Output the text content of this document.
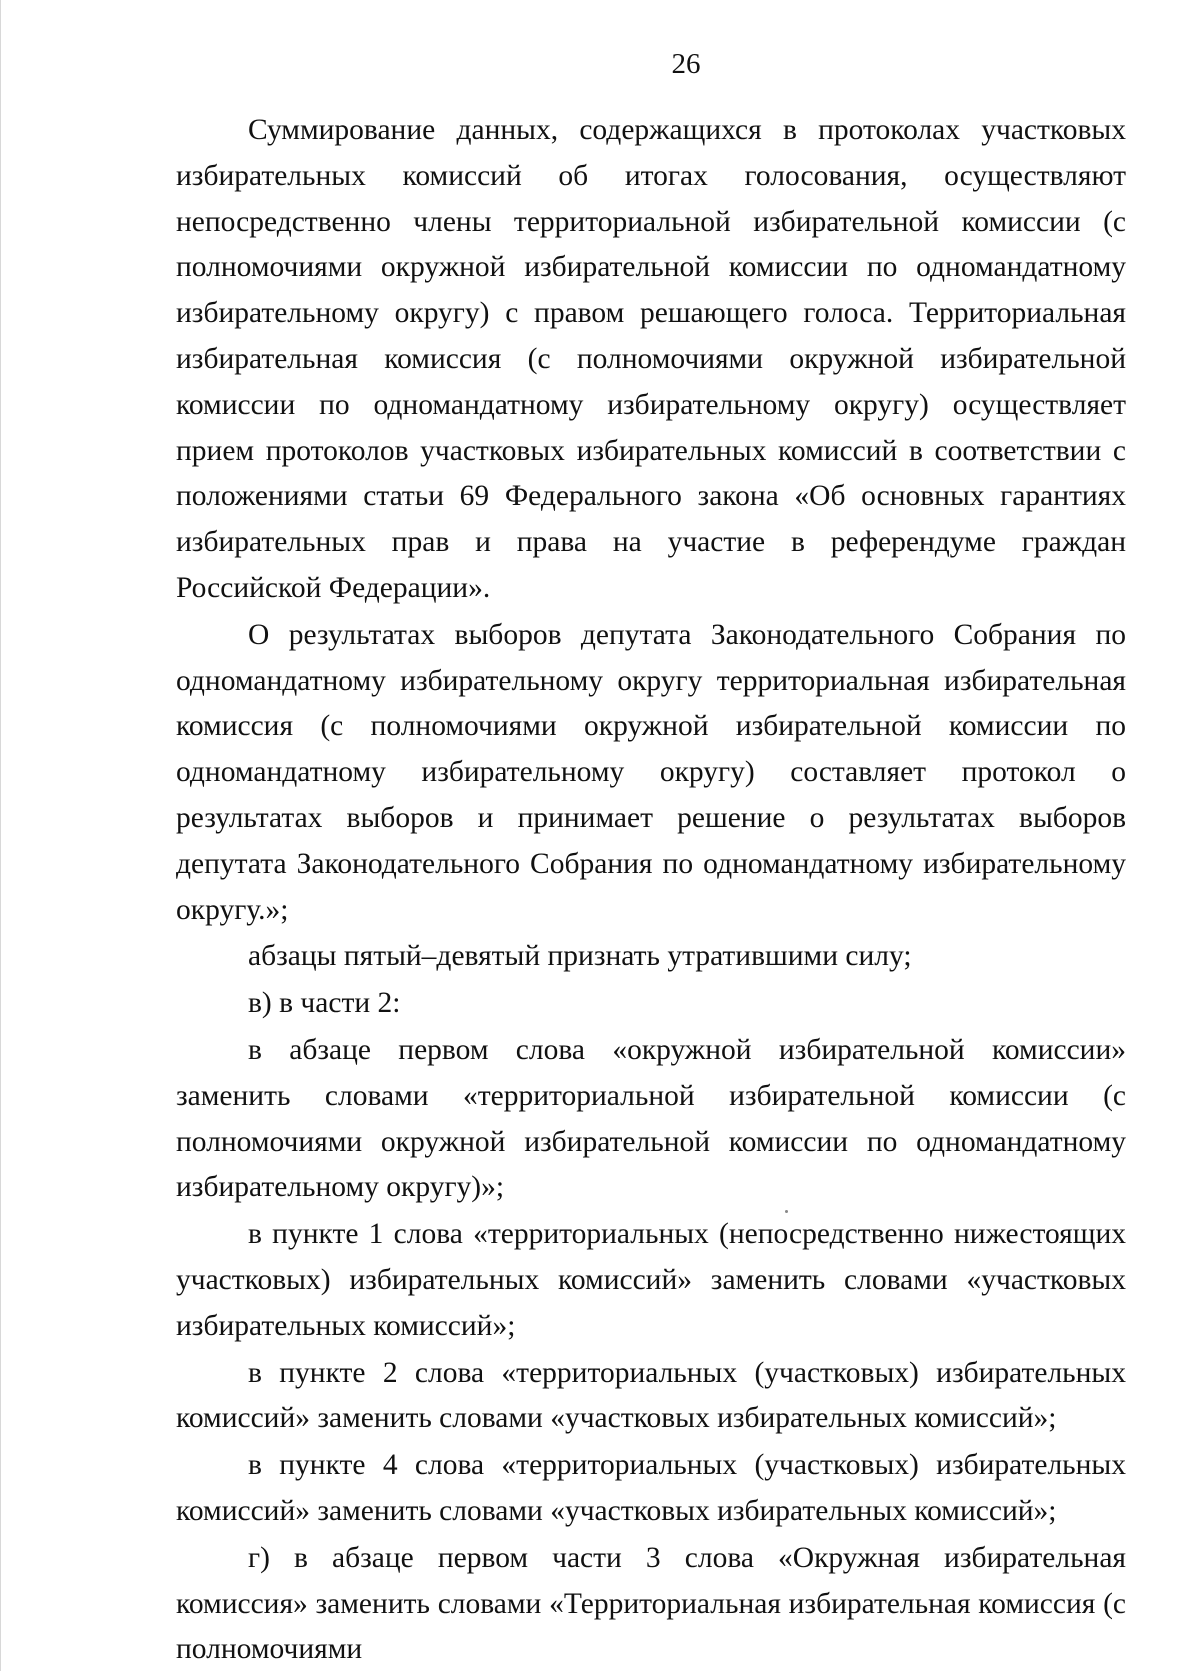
26

Суммирование данных, содержащихся в протоколах участковых избирательных комиссий об итогах голосования, осуществляют непосредственно члены территориальной избирательной комиссии (с полномочиями окружной избирательной комиссии по одномандатному избирательному округу) с правом решающего голоса. Территориальная избирательная комиссия (с полномочиями окружной избирательной комиссии по одномандатному избирательному округу) осуществляет прием протоколов участковых избирательных комиссий в соответствии с положениями статьи 69 Федерального закона «Об основных гарантиях избирательных прав и права на участие в референдуме граждан Российской Федерации».

О результатах выборов депутата Законодательного Собрания по одномандатному избирательному округу территориальная избирательная комиссия (с полномочиями окружной избирательной комиссии по одномандатному избирательному округу) составляет протокол о результатах выборов и принимает решение о результатах выборов депутата Законодательного Собрания по одномандатному избирательному округу.»;

абзацы пятый–девятый признать утратившими силу;

в) в части 2:

в абзаце первом слова «окружной избирательной комиссии» заменить словами «территориальной избирательной комиссии (с полномочиями окружной избирательной комиссии по одномандатному избирательному округу)»;

в пункте 1 слова «территориальных (непосредственно нижестоящих участковых) избирательных комиссий» заменить словами «участковых избирательных комиссий»;

в пункте 2 слова «территориальных (участковых) избирательных комиссий» заменить словами «участковых избирательных комиссий»;

в пункте 4 слова «территориальных (участковых) избирательных комиссий» заменить словами «участковых избирательных комиссий»;

г) в абзаце первом части 3 слова «Окружная избирательная комиссия» заменить словами «Территориальная избирательная комиссия (с полномочиями
